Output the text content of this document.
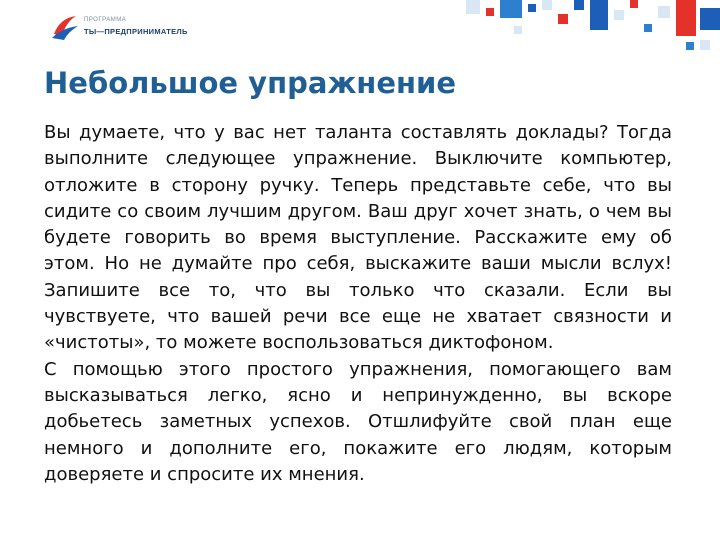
ПРОГРАММА
ТЫ—ПРЕДПРИНИМАТЕЛЬ
Небольшое упражнение

Вы думаете, что у вас нет таланта составлять доклады? Тогда выполните следующее упражнение. Выключите компьютер, отложите в сторону ручку. Теперь представьте себе, что вы сидите со своим лучшим другом. Ваш друг хочет знать, о чем вы будете говорить во время выступление. Расскажите ему об этом. Но не думайте про себя, выскажите ваши мысли вслух! Запишите все то, что вы только что сказали. Если вы чувствуете, что вашей речи все еще не хватает связности и «чистоты», то можете воспользоваться диктофоном.

С помощью этого простого упражнения, помогающего вам высказываться легко, ясно и непринужденно, вы вскоре добьетесь заметных успехов. Отшлифуйте свой план еще немного и дополните его, покажите его людям, которым доверяете и спросите их мнения.
